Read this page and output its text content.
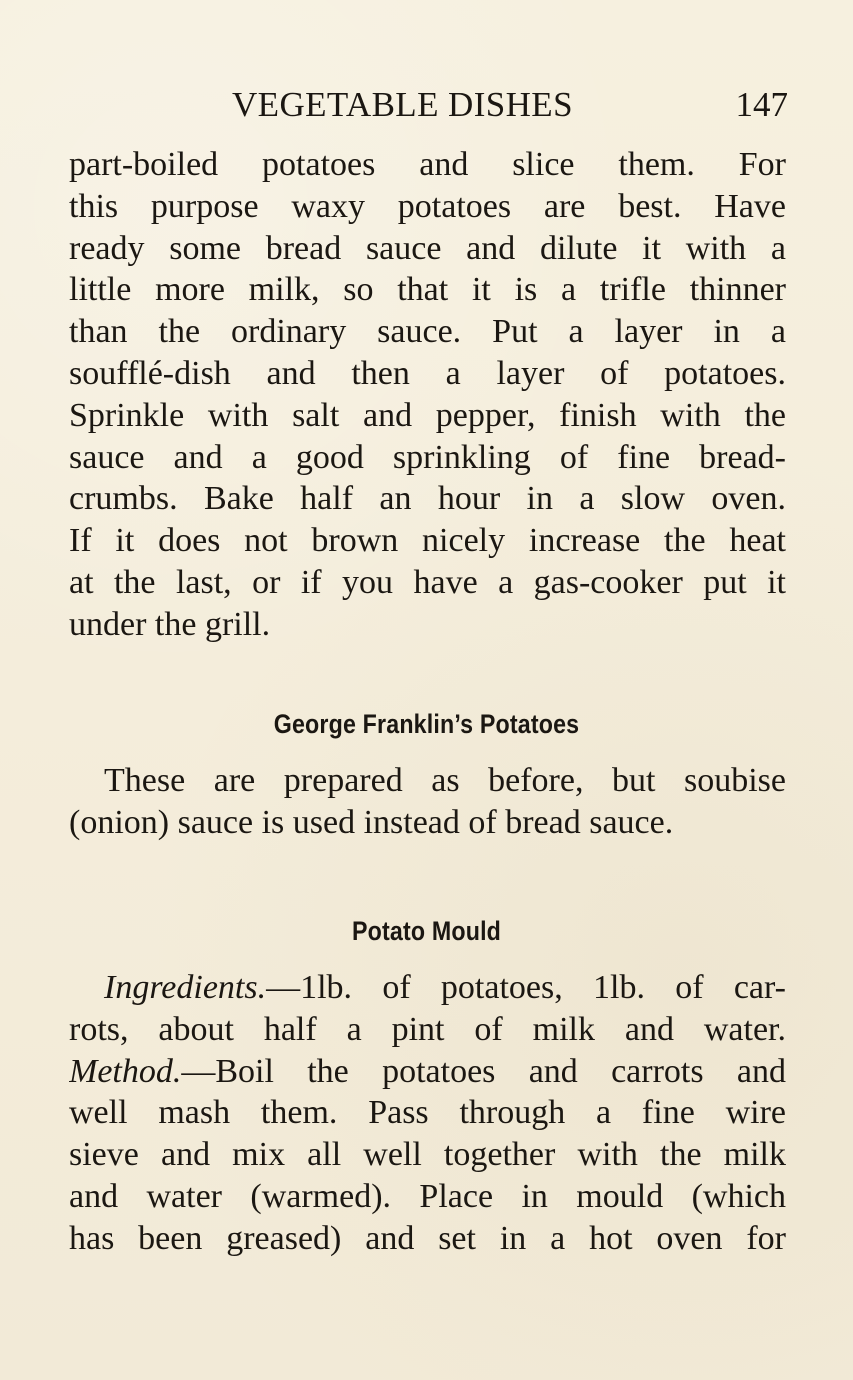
VEGETABLE DISHES	147
part-boiled potatoes and slice them. For
this purpose waxy potatoes are best. Have
ready some bread sauce and dilute it with a
little more milk, so that it is a trifle thinner
than the ordinary sauce. Put a layer in a
soufflé-dish and then a layer of potatoes.
Sprinkle with salt and pepper, finish with the
sauce and a good sprinkling of fine bread-
crumbs. Bake half an hour in a slow oven.
If it does not brown nicely increase the heat
at the last, or if you have a gas-cooker put it
under the grill.
George Franklin’s Potatoes
These are prepared as before, but soubise
(onion) sauce is used instead of bread sauce.
Potato Mould
Ingredients.—1lb. of potatoes, 1lb. of car-
rots, about half a pint of milk and water.
Method.—Boil the potatoes and carrots and
well mash them. Pass through a fine wire
sieve and mix all well together with the milk
and water (warmed). Place in mould (which
has been greased) and set in a hot oven for
